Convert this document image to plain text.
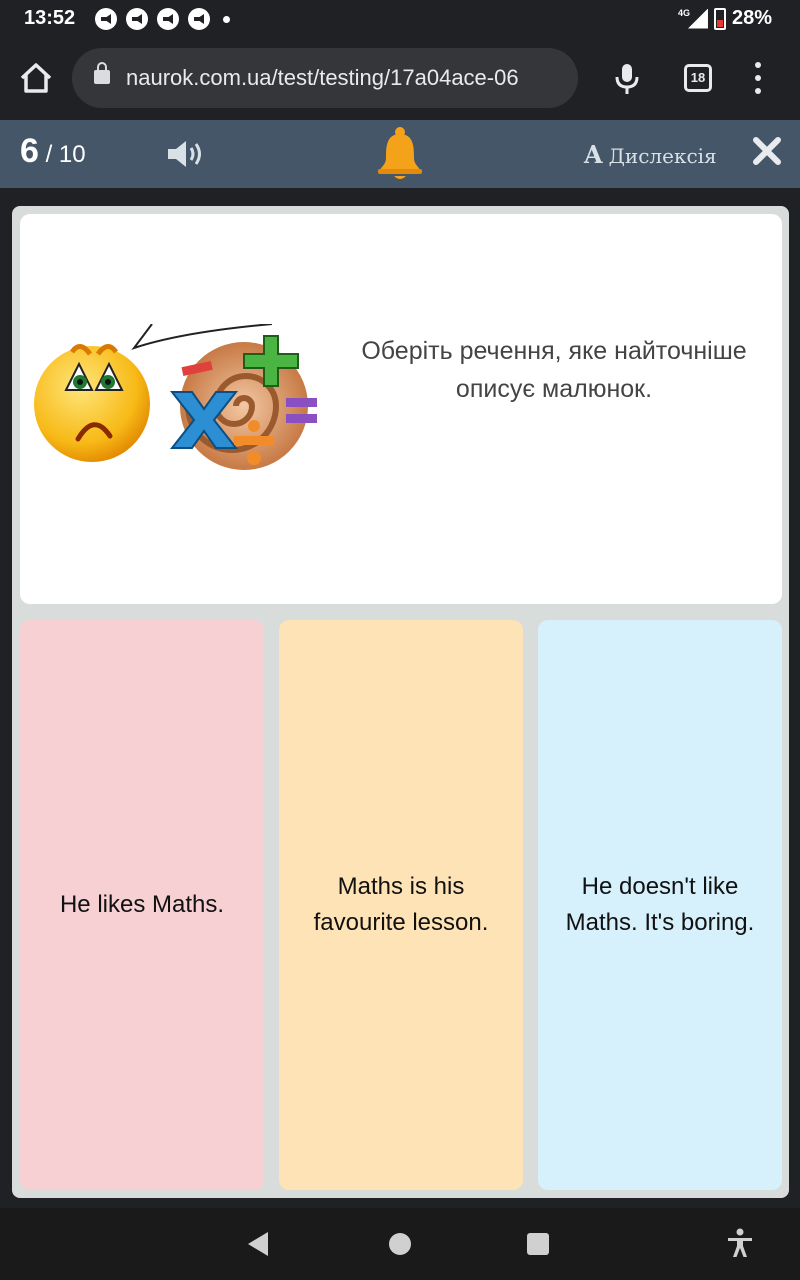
13:52	4G 28%
naurok.com.ua/test/testing/17a04ace-06	18
6 / 10	A Дислексія
Оберіть речення, яке найточніше описує малюнок.
He likes Maths.
Maths is his favourite lesson.
He doesn't like Maths. It's boring.
